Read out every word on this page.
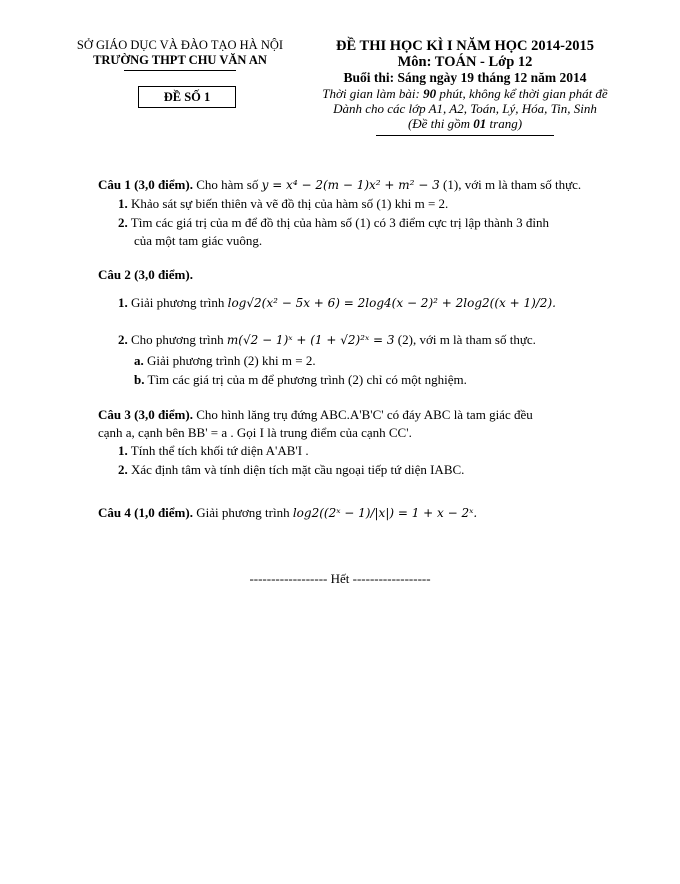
SỞ GIÁO DỤC VÀ ĐÀO TẠO HÀ NỘI
TRƯỜNG THPT CHU VĂN AN
ĐỀ SỐ 1
ĐỀ THI HỌC KÌ I NĂM HỌC 2014-2015
Môn: TOÁN - Lớp 12
Buổi thi: Sáng ngày 19 tháng 12 năm 2014
Thời gian làm bài: 90 phút, không kể thời gian phát đề
Dành cho các lớp A1, A2, Toán, Lý, Hóa, Tin, Sinh
(Đề thi gồm 01 trang)
Câu 1 (3,0 điểm). Cho hàm số y = x⁴ − 2(m − 1)x² + m² − 3 (1), với m là tham số thực.
1. Khảo sát sự biến thiên và vẽ đồ thị của hàm số (1) khi m = 2.
2. Tìm các giá trị của m để đồ thị của hàm số (1) có 3 điểm cực trị lập thành 3 đỉnh
của một tam giác vuông.
Câu 2 (3,0 điểm).
1. Giải phương trình log√2(x² − 5x + 6) = 2log4(x − 2)² + 2log2((x + 1)/2).
2. Cho phương trình m(√2 − 1)ˣ + (1 + √2)²ˣ = 3 (2), với m là tham số thực.
a. Giải phương trình (2) khi m = 2.
b. Tìm các giá trị của m để phương trình (2) chỉ có một nghiệm.
Câu 3 (3,0 điểm). Cho hình lăng trụ đứng ABC.A'B'C' có đáy ABC là tam giác đều
cạnh a, cạnh bên BB' = a . Gọi I là trung điểm của cạnh CC'.
1. Tính thể tích khối tứ diện A'AB'I .
2. Xác định tâm và tính diện tích mặt cầu ngoại tiếp tứ diện IABC.
Câu 4 (1,0 điểm). Giải phương trình log2((2ˣ − 1)/|x|) = 1 + x − 2ˣ.
------------------ Hết ------------------
